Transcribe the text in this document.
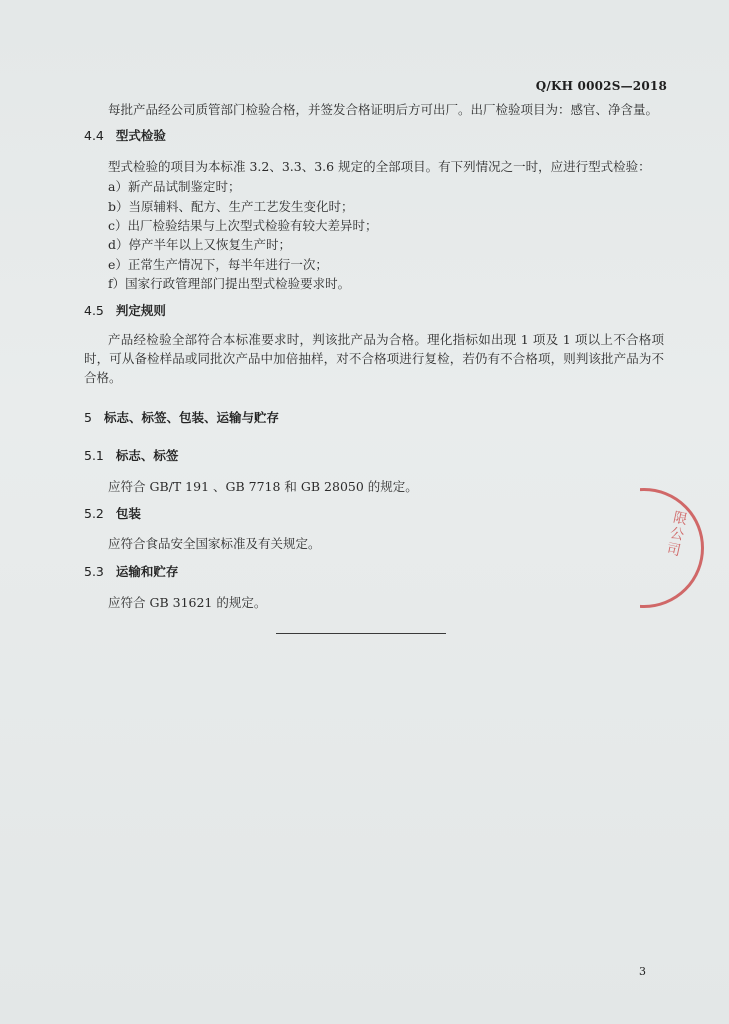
Q/KH 0002S—2018
每批产品经公司质管部门检验合格，并签发合格证明后方可出厂。出厂检验项目为：感官、净含量。
4.4 型式检验
型式检验的项目为本标准 3.2、3.3、3.6 规定的全部项目。有下列情况之一时，应进行型式检验：
a）新产品试制鉴定时；
b）当原辅料、配方、生产工艺发生变化时；
c）出厂检验结果与上次型式检验有较大差异时；
d）停产半年以上又恢复生产时；
e）正常生产情况下，每半年进行一次；
f）国家行政管理部门提出型式检验要求时。
4.5 判定规则
产品经检验全部符合本标准要求时，判该批产品为合格。理化指标如出现 1 项及 1 项以上不合格项时，可从备检样品或同批次产品中加倍抽样，对不合格项进行复检，若仍有不合格项，则判该批产品为不合格。
5 标志、标签、包装、运输与贮存
5.1 标志、标签
应符合 GB/T 191 、GB 7718 和 GB 28050 的规定。
5.2 包装
应符合食品安全国家标准及有关规定。
5.3 运输和贮存
应符合 GB 31621 的规定。
限公司
3
